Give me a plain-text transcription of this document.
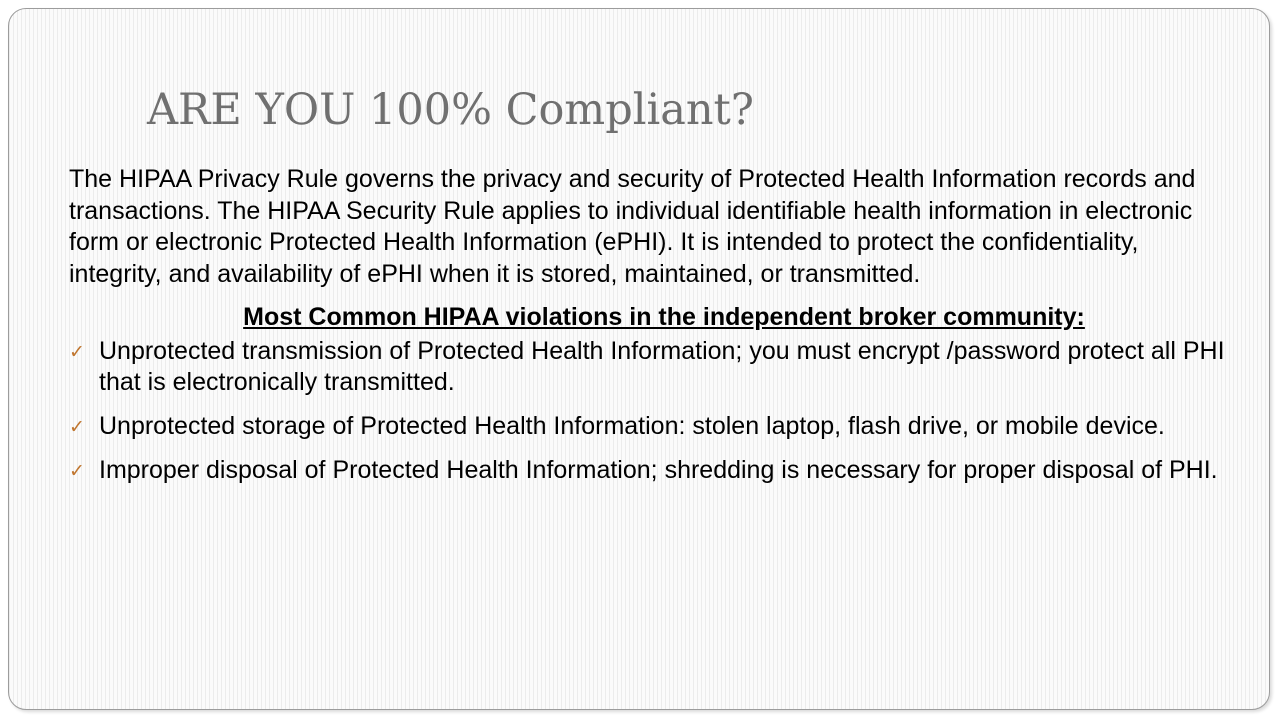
ARE YOU 100% Compliant?

The HIPAA Privacy Rule governs the privacy and security of Protected Health Information records and transactions. The HIPAA Security Rule applies to individual identifiable health information in electronic form or electronic Protected Health Information (ePHI). It is intended to protect the confidentiality, integrity, and availability of ePHI when it is stored, maintained, or transmitted.

Most Common HIPAA violations in the independent broker community:
✓ Unprotected transmission of Protected Health Information; you must encrypt /password protect all PHI that is electronically transmitted.
✓ Unprotected storage of Protected Health Information: stolen laptop, flash drive, or mobile device.
✓ Improper disposal of Protected Health Information; shredding is necessary for proper disposal of PHI.
